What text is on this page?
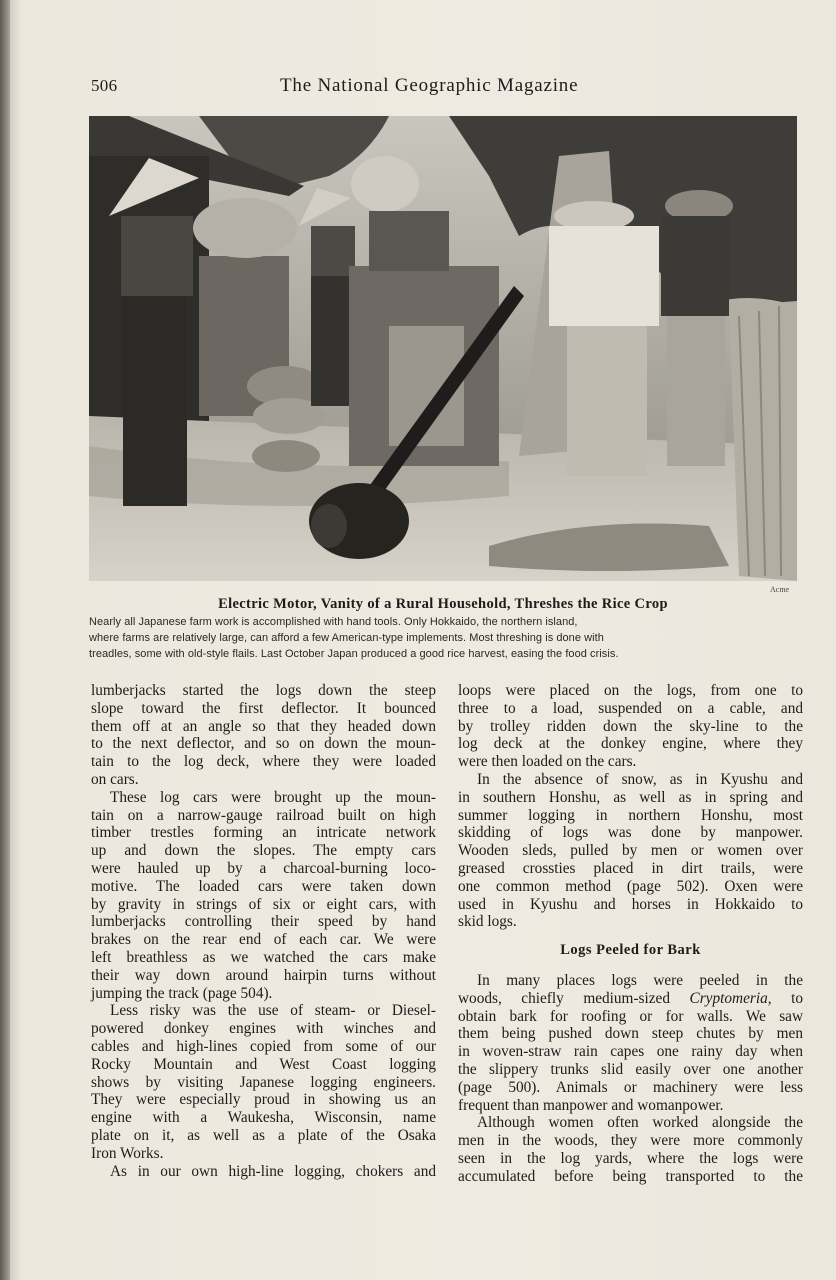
506	The National Geographic Magazine
Acme
Electric Motor, Vanity of a Rural Household, Threshes the Rice Crop
Nearly all Japanese farm work is accomplished with hand tools. Only Hokkaido, the northern island,
where farms are relatively large, can afford a few American-type implements. Most threshing is done with
treadles, some with old-style flails. Last October Japan produced a good rice harvest, easing the food crisis.
lumberjacks started the logs down the steep
slope toward the first deflector. It bounced
them off at an angle so that they headed down
to the next deflector, and so on down the moun-
tain to the log deck, where they were loaded
on cars.
These log cars were brought up the moun-
tain on a narrow-gauge railroad built on high
timber trestles forming an intricate network
up and down the slopes. The empty cars
were hauled up by a charcoal-burning loco-
motive. The loaded cars were taken down
by gravity in strings of six or eight cars, with
lumberjacks controlling their speed by hand
brakes on the rear end of each car. We were
left breathless as we watched the cars make
their way down around hairpin turns without
jumping the track (page 504).
Less risky was the use of steam- or Diesel-
powered donkey engines with winches and
cables and high-lines copied from some of our
Rocky Mountain and West Coast logging
shows by visiting Japanese logging engineers.
They were especially proud in showing us an
engine with a Waukesha, Wisconsin, name
plate on it, as well as a plate of the Osaka
Iron Works.
As in our own high-line logging, chokers and
loops were placed on the logs, from one to
three to a load, suspended on a cable, and
by trolley ridden down the sky-line to the
log deck at the donkey engine, where they
were then loaded on the cars.
In the absence of snow, as in Kyushu and
in southern Honshu, as well as in spring and
summer logging in northern Honshu, most
skidding of logs was done by manpower.
Wooden sleds, pulled by men or women over
greased crossties placed in dirt trails, were
one common method (page 502). Oxen were
used in Kyushu and horses in Hokkaido to
skid logs.
Logs Peeled for Bark
In many places logs were peeled in the
woods, chiefly medium-sized Cryptomeria, to
obtain bark for roofing or for walls. We saw
them being pushed down steep chutes by men
in woven-straw rain capes one rainy day when
the slippery trunks slid easily over one another
(page 500). Animals or machinery were less
frequent than manpower and womanpower.
Although women often worked alongside the
men in the woods, they were more commonly
seen in the log yards, where the logs were
accumulated before being transported to the
